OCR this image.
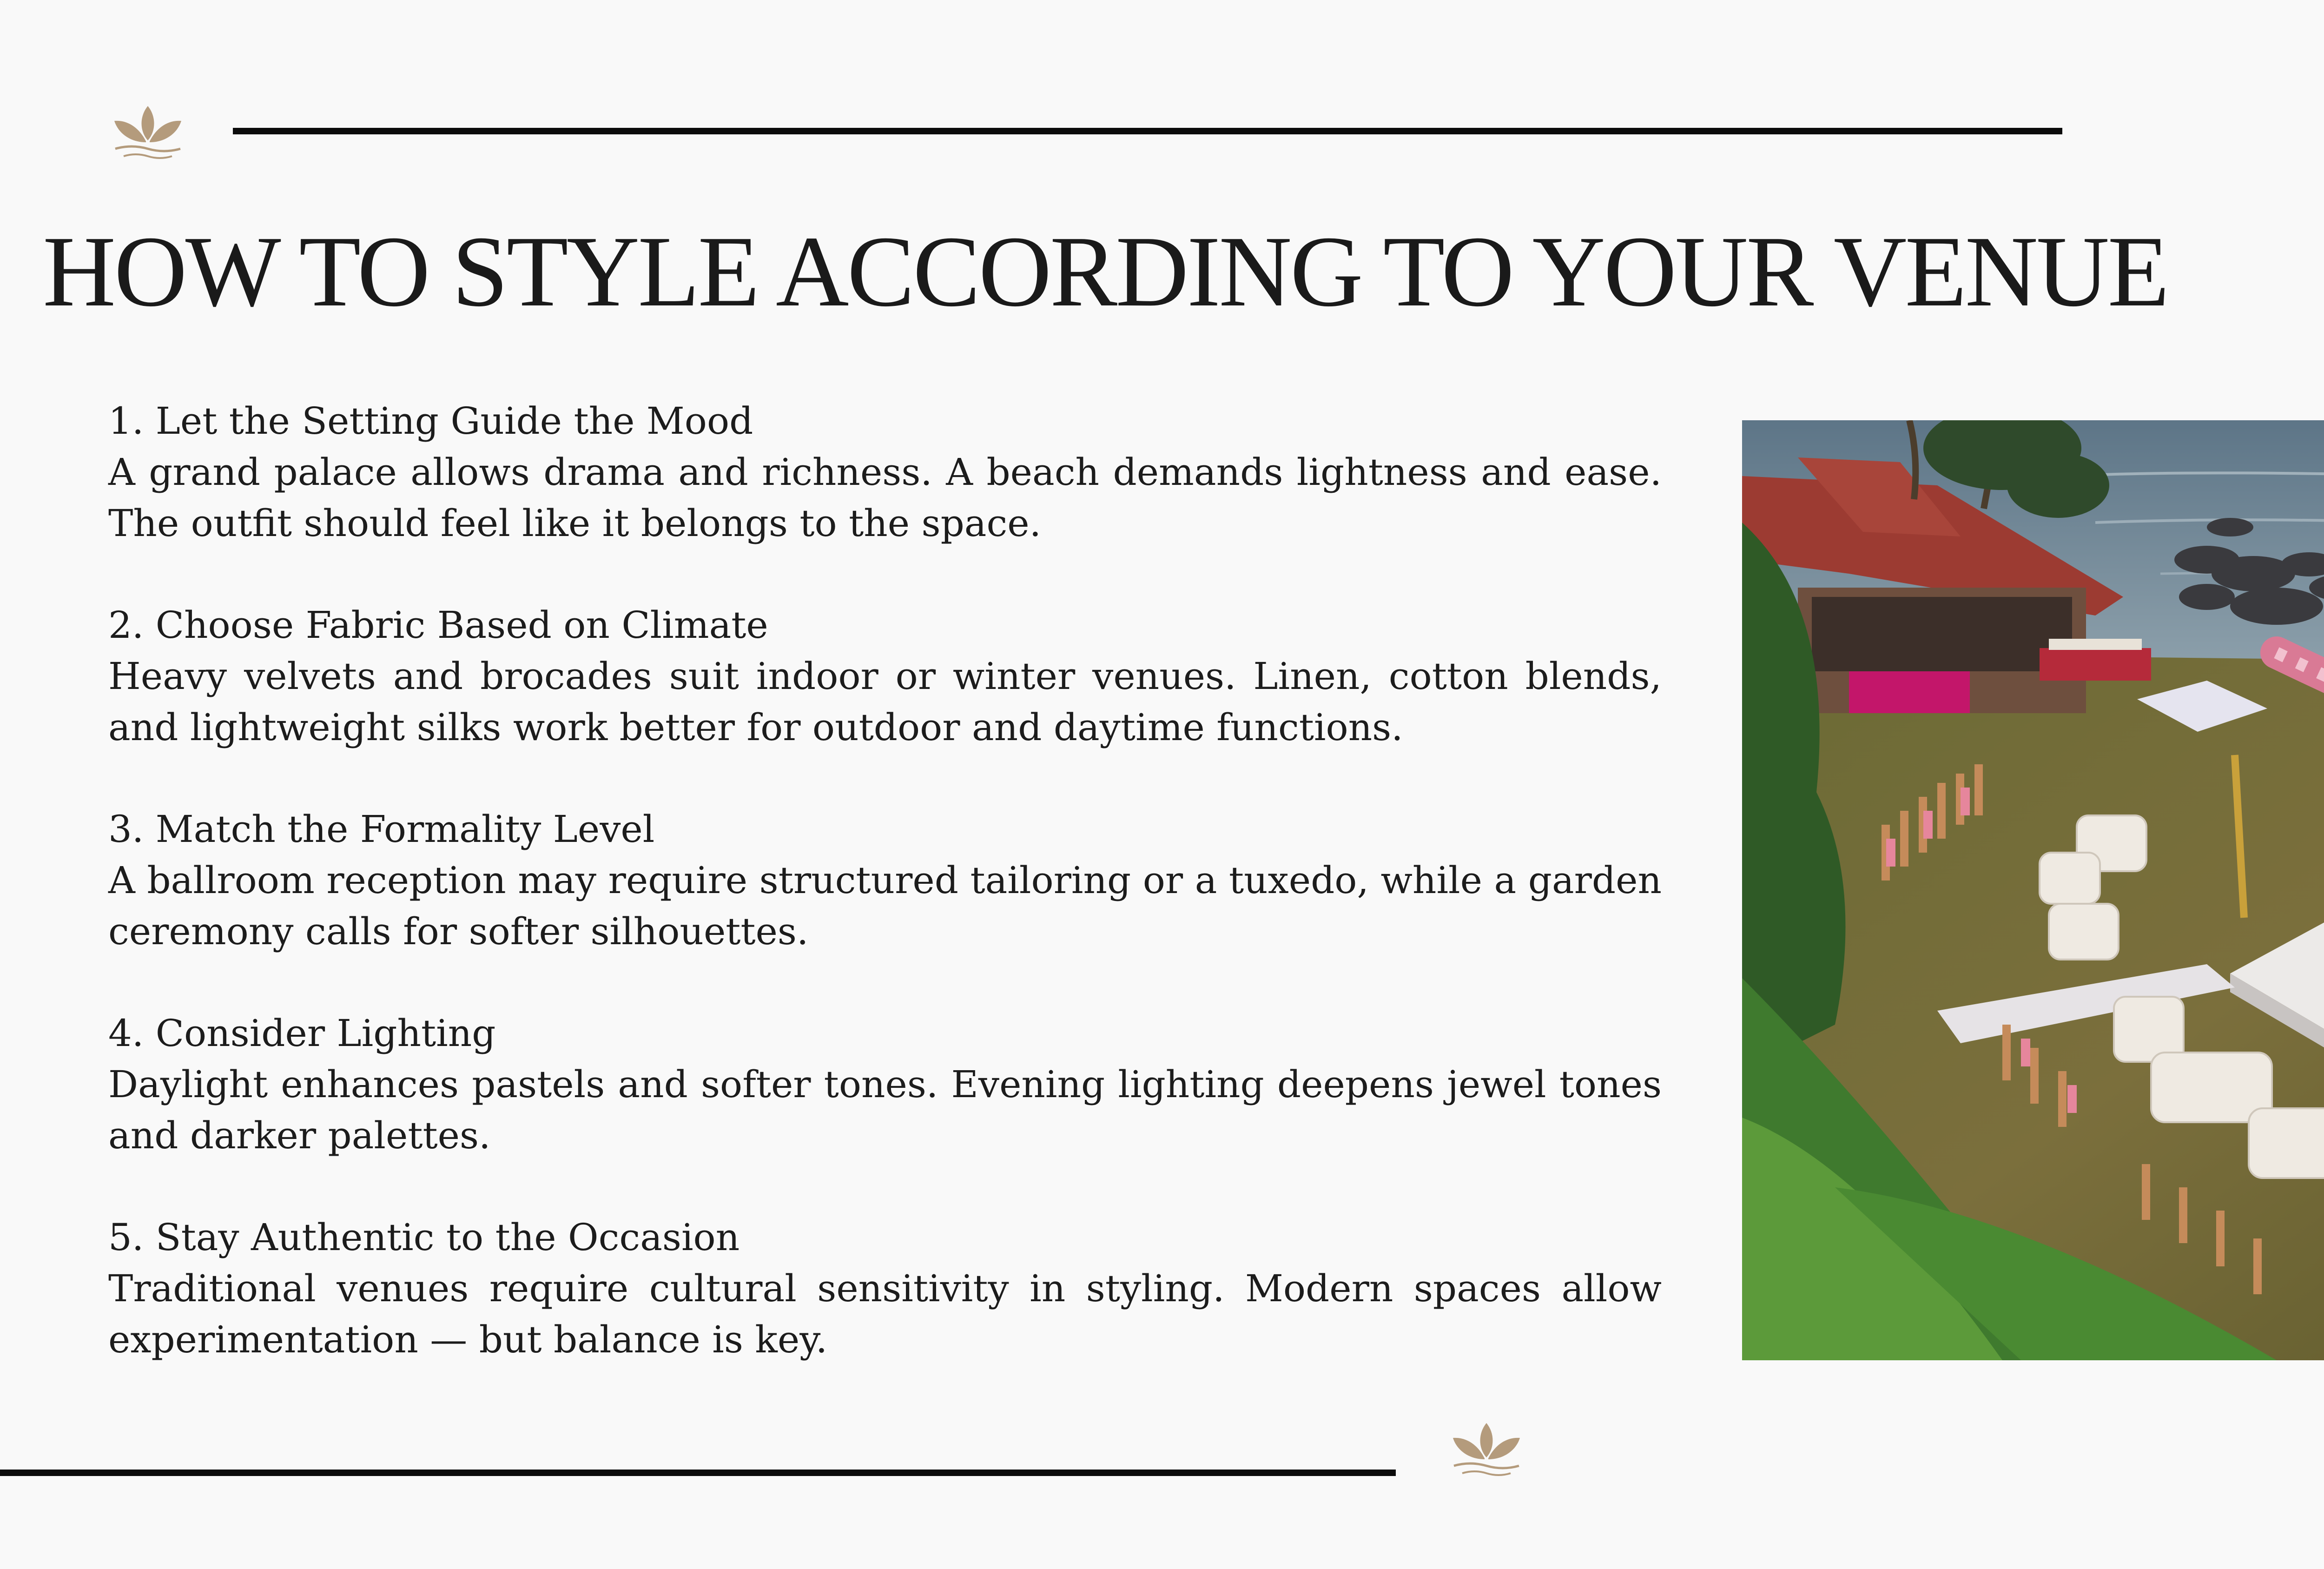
HOW TO STYLE ACCORDING TO YOUR VENUE
1. Let the Setting Guide the Mood
A grand palace allows drama and richness. A beach demands lightness and ease. The outfit should feel like it belongs to the space.
2. Choose Fabric Based on Climate
Heavy velvets and brocades suit indoor or winter venues. Linen, cotton blends, and lightweight silks work better for outdoor and daytime functions.
3. Match the Formality Level
A ballroom reception may require structured tailoring or a tuxedo, while a garden ceremony calls for softer silhouettes.
4. Consider Lighting
Daylight enhances pastels and softer tones. Evening lighting deepens jewel tones and darker palettes.
5. Stay Authentic to the Occasion
Traditional venues require cultural sensitivity in styling. Modern spaces allow experimentation — but balance is key.
